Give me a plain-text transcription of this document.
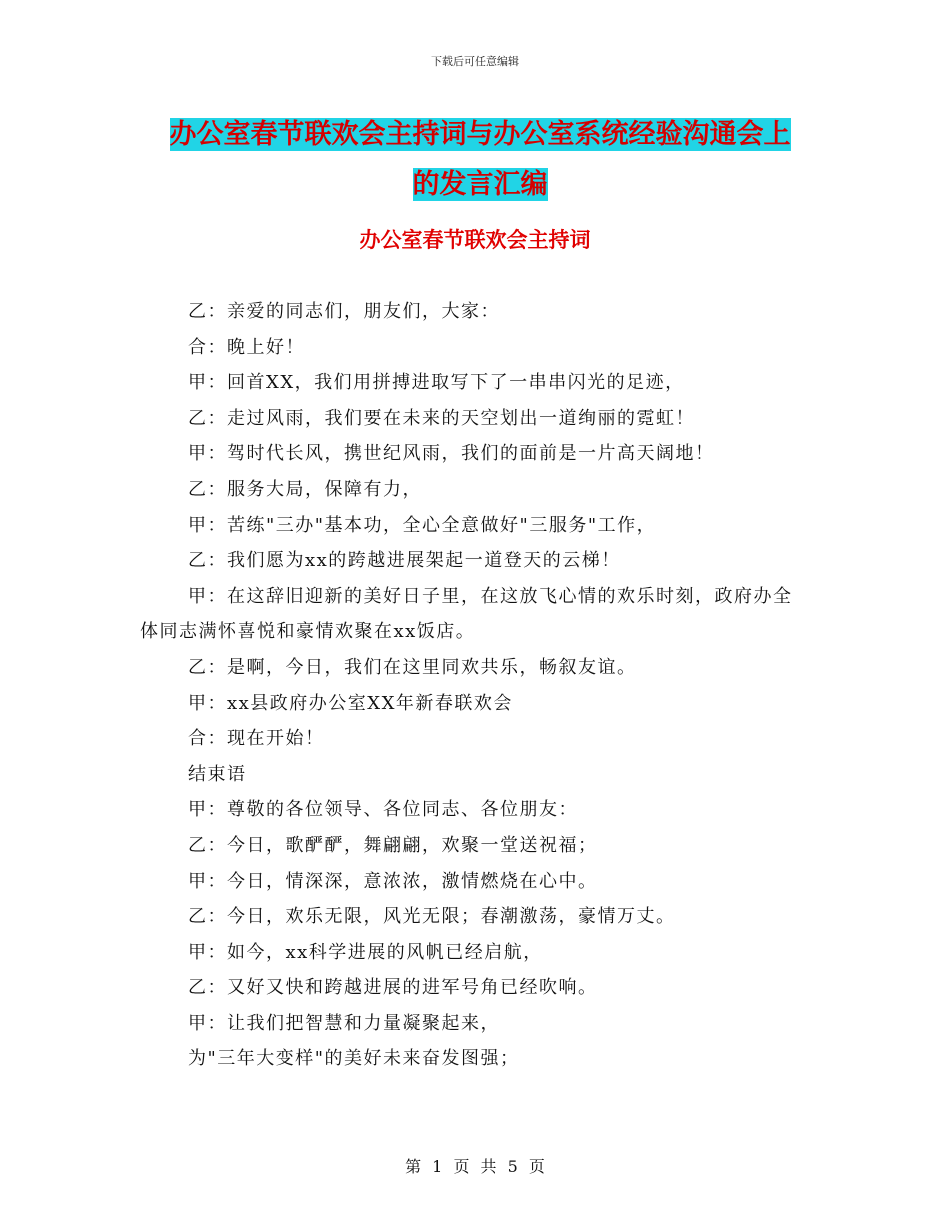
下载后可任意编辑
办公室春节联欢会主持词与办公室系统经验沟通会上
的发言汇编
办公室春节联欢会主持词

乙：亲爱的同志们，朋友们，大家：

合：晚上好！

甲：回首XX，我们用拼搏进取写下了一串串闪光的足迹，

乙：走过风雨，我们要在未来的天空划出一道绚丽的霓虹！

甲：驾时代长风，携世纪风雨，我们的面前是一片高天阔地！

乙：服务大局，保障有力，

甲：苦练"三办"基本功，全心全意做好"三服务"工作，

乙：我们愿为xx的跨越进展架起一道登天的云梯！

甲：在这辞旧迎新的美好日子里，在这放飞心情的欢乐时刻，政府办全体同志满怀喜悦和豪情欢聚在xx饭店。

乙：是啊，今日，我们在这里同欢共乐，畅叙友谊。

甲：xx县政府办公室XX年新春联欢会

合：现在开始！

结束语

甲：尊敬的各位领导、各位同志、各位朋友：

乙：今日，歌酽酽，舞翩翩，欢聚一堂送祝福；

甲：今日，情深深，意浓浓，激情燃烧在心中。

乙：今日，欢乐无限，风光无限；春潮激荡，豪情万丈。

甲：如今，xx科学进展的风帆已经启航，

乙：又好又快和跨越进展的进军号角已经吹响。

甲：让我们把智慧和力量凝聚起来，

为"三年大变样"的美好未来奋发图强；

第 1 页 共 5 页
